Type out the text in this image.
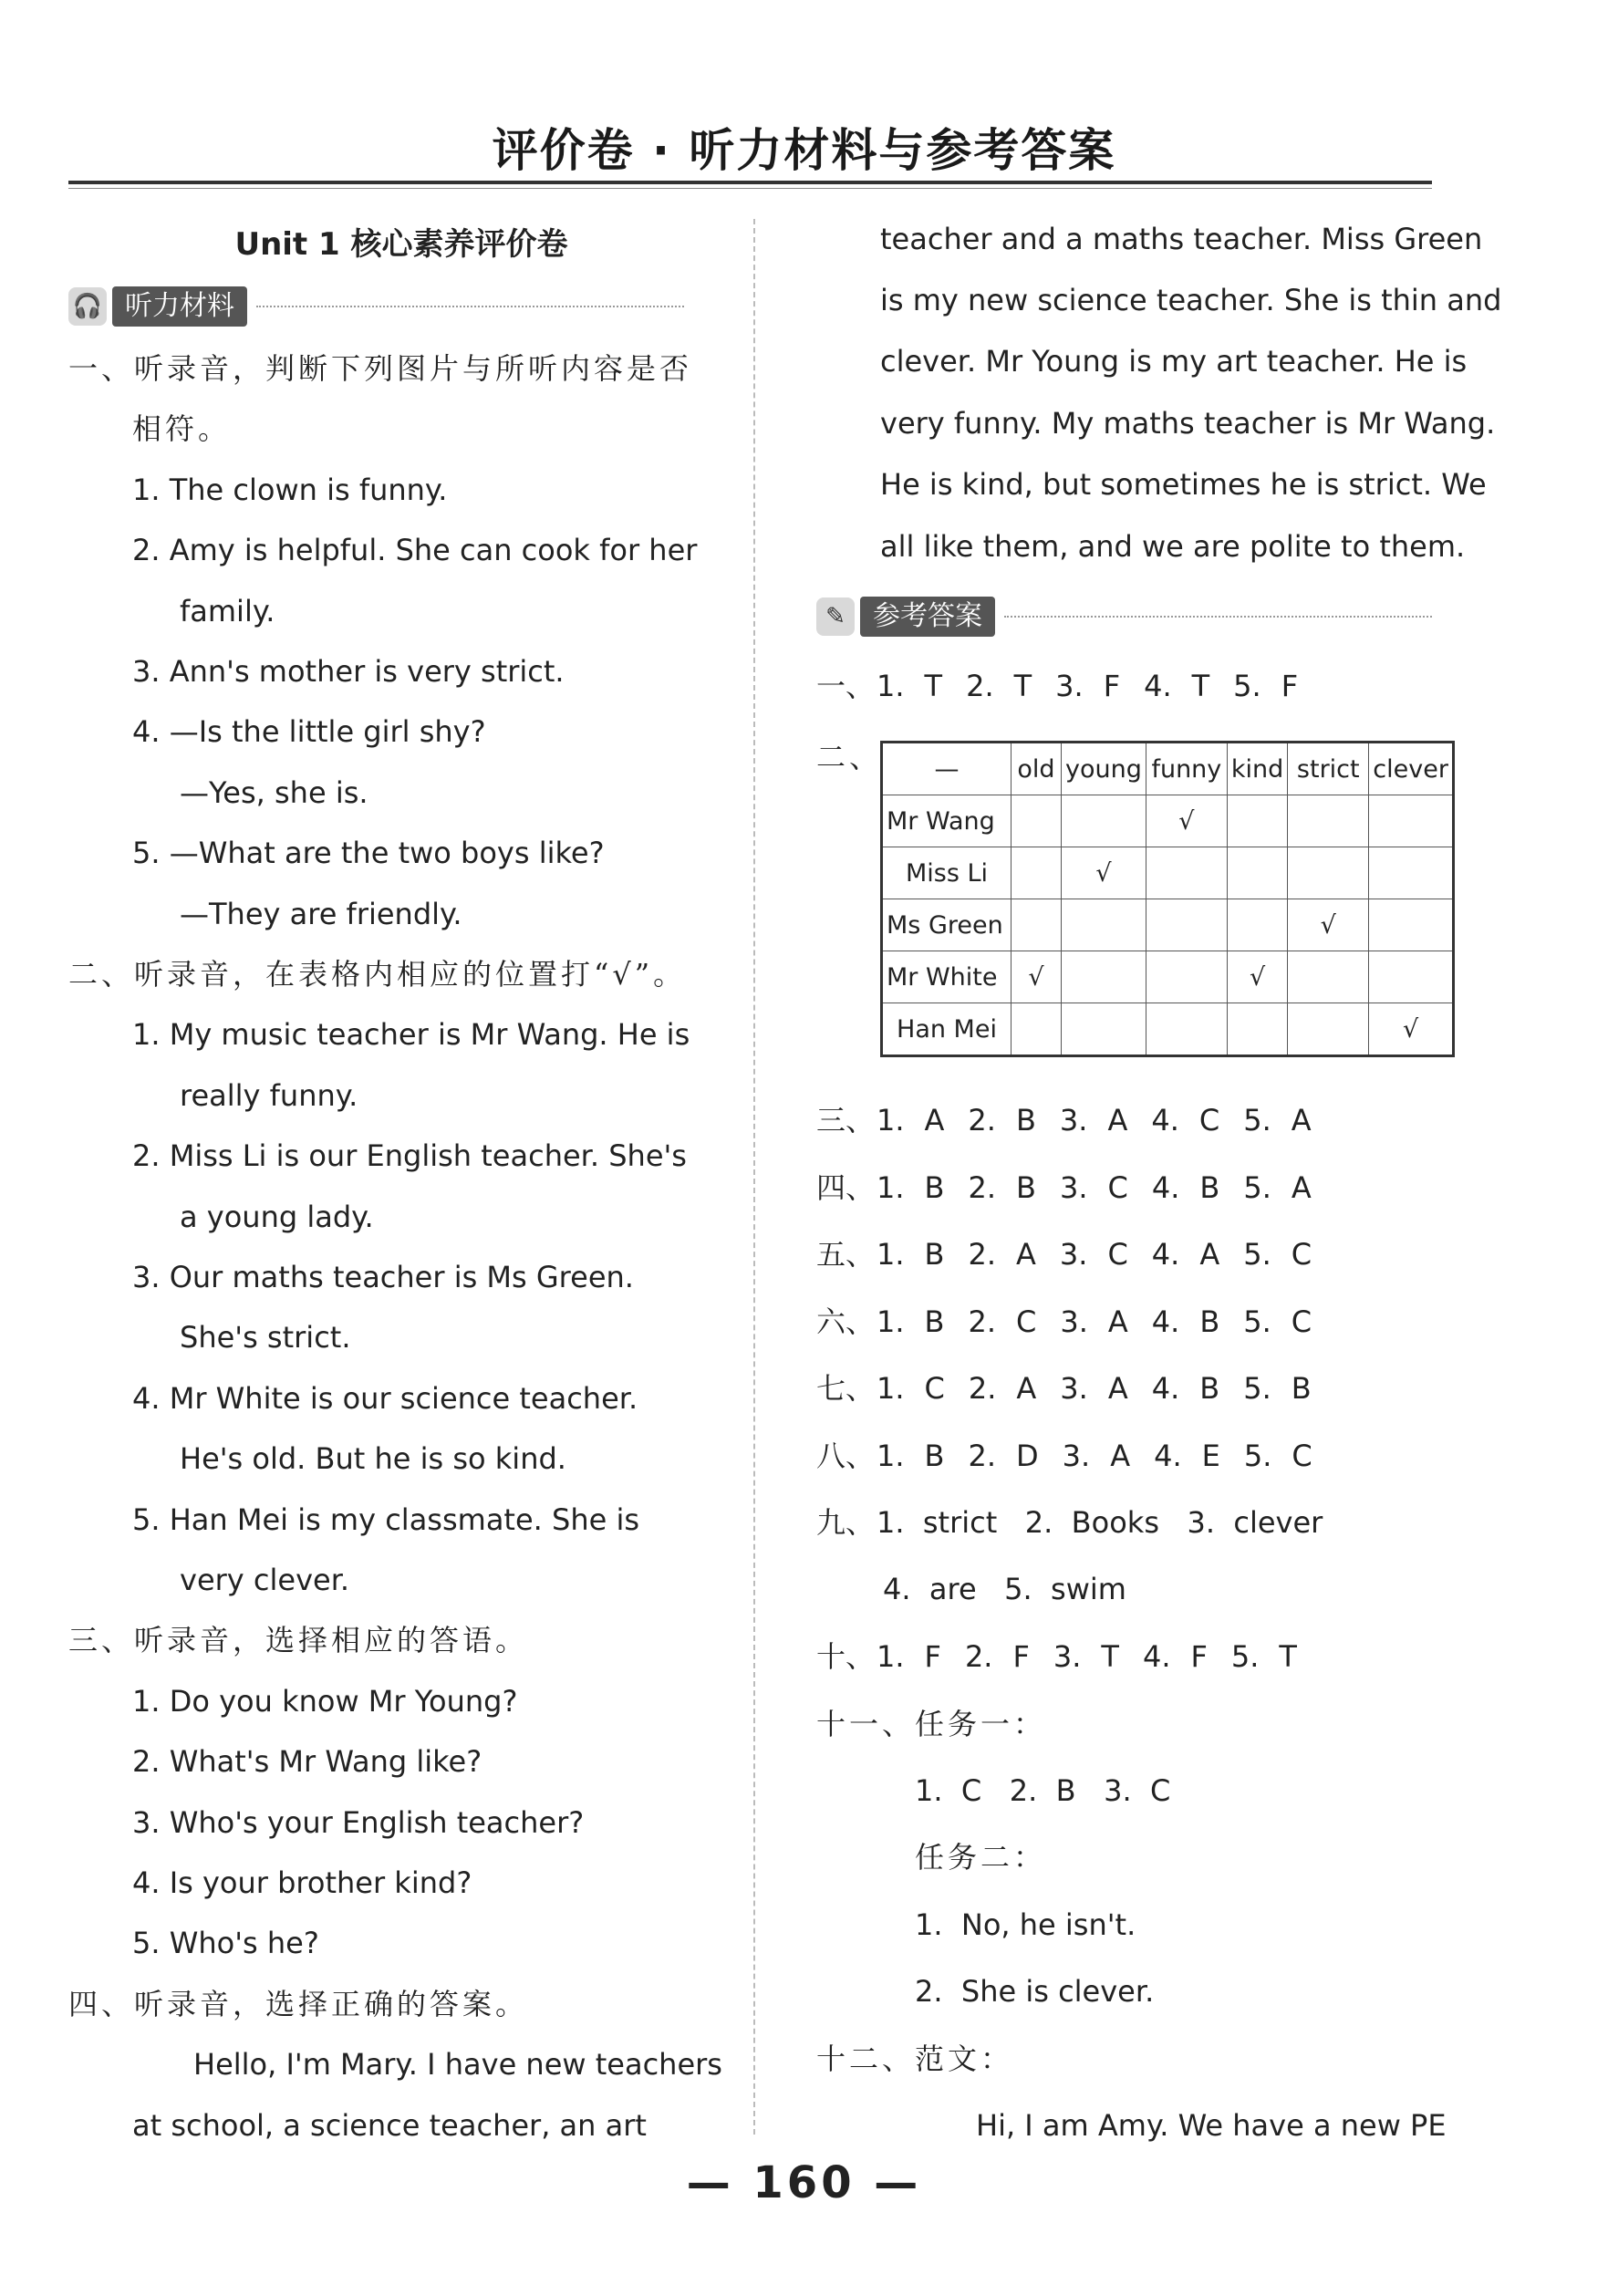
评价卷 · 听力材料与参考答案
Unit 1 核心素养评价卷
🎧 听力材料
一、听录音，判断下列图片与所听内容是否
相符。
1. The clown is funny.
2. Amy is helpful. She can cook for her
family.
3. Ann's mother is very strict.
4. —Is the little girl shy?
—Yes, she is.
5. —What are the two boys like?
—They are friendly.
二、听录音，在表格内相应的位置打“√”。
1. My music teacher is Mr Wang. He is
really funny.
2. Miss Li is our English teacher. She's
a young lady.
3. Our maths teacher is Ms Green.
She's strict.
4. Mr White is our science teacher.
He's old. But he is so kind.
5. Han Mei is my classmate. She is
very clever.
三、听录音，选择相应的答语。
1. Do you know Mr Young?
2. What's Mr Wang like?
3. Who's your English teacher?
4. Is your brother kind?
5. Who's he?
四、听录音，选择正确的答案。
Hello, I'm Mary. I have new teachers
at school, a science teacher, an art
teacher and a maths teacher. Miss Green
is my new science teacher. She is thin and
clever. Mr Young is my art teacher. He is
very funny. My maths teacher is Mr Wang.
He is kind, but sometimes he is strict. We
all like them, and we are polite to them.
✎	参考答案
一、 1. T 2. T 3. F 4. T 5. F
二、 —	old	young	funny	kind	strict	clever
Mr Wang			√			
Miss Li		√				
Ms Green					√	
Mr White	√			√		
Han Mei						√
三、 1. A 2. B 3. A 4. C 5. A
四、 1. B 2. B 3. C 4. B 5. A
五、 1. B 2. A 3. C 4. A 5. C
六、 1. B 2. C 3. A 4. B 5. C
七、 1. C 2. A 3. A 4. B 5. B
八、 1. B 2. D 3. A 4. E 5. C
九、 1.  strict   2.  Books   3.  clever
4.  are   5.  swim
十、 1. F 2. F 3. T 4. F 5. T
十一、任务一：
1.  C   2.  B   3.  C
任务二：
1.  No, he isn't.
2.  She is clever.
十二、范文：
Hi, I am Amy. We have a new PE
— 160 —
